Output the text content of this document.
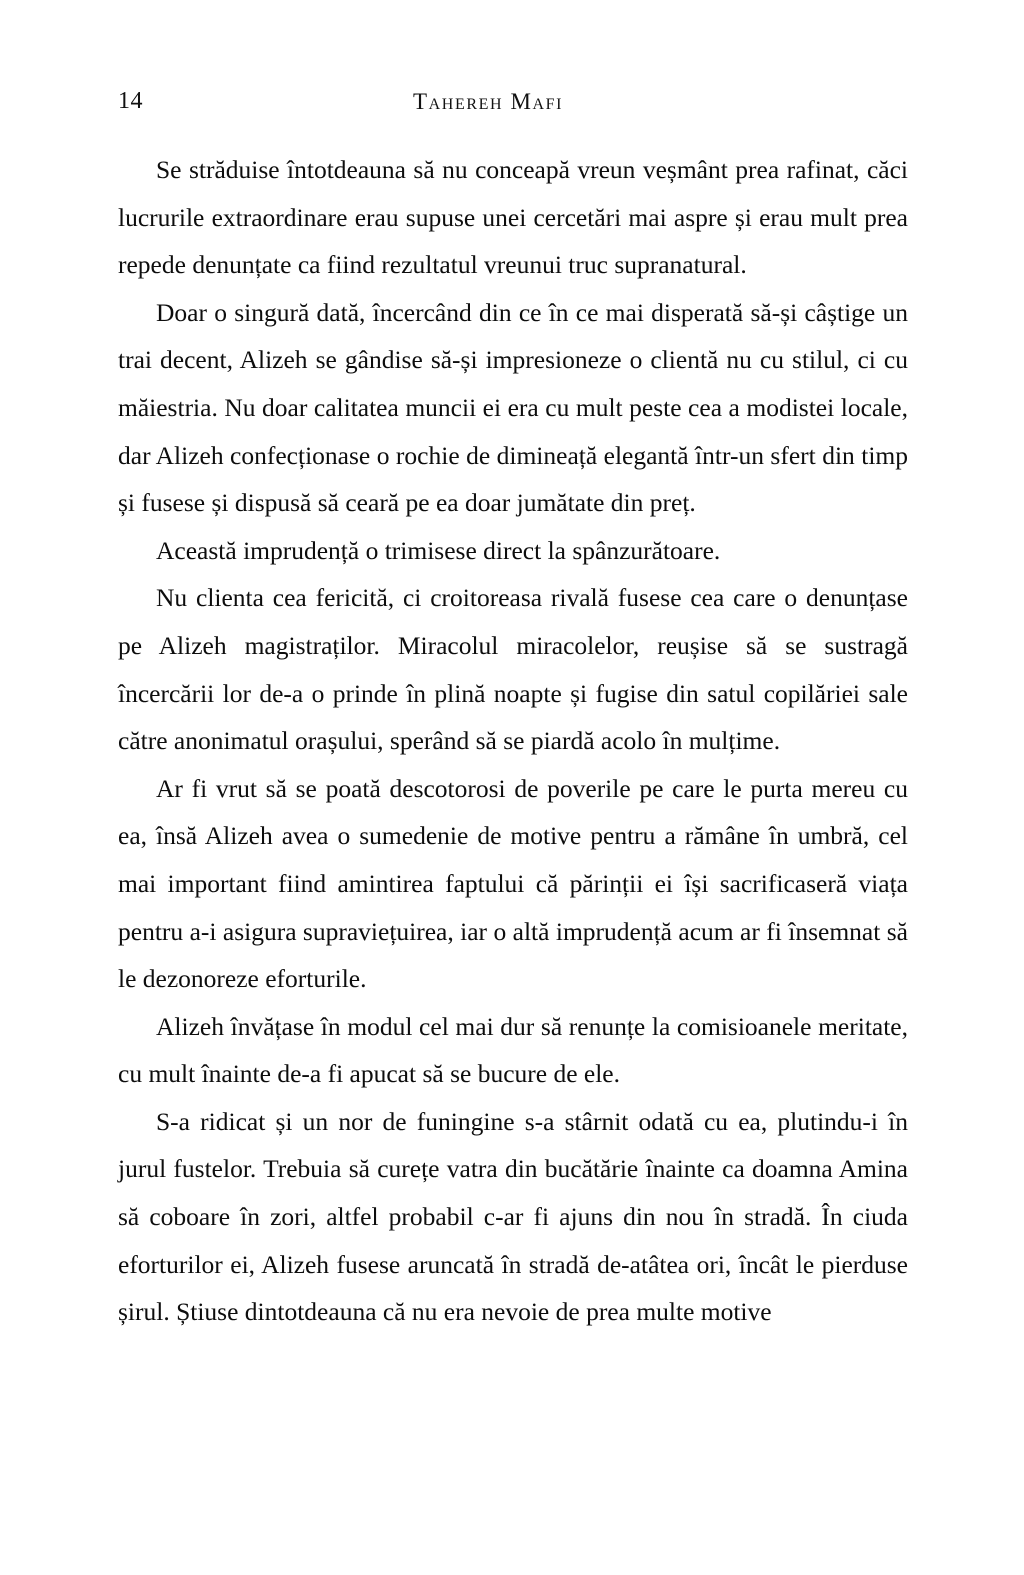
14	Tahereh Mafi

Se străduise întotdeauna să nu conceapă vreun veșmânt prea rafinat, căci lucrurile extraordinare erau supuse unei cercetări mai aspre și erau mult prea repede denunțate ca fiind rezultatul vreunui truc supranatural.

Doar o singură dată, încercând din ce în ce mai disperată să-și câștige un trai decent, Alizeh se gândise să-și impresioneze o clientă nu cu stilul, ci cu măiestria. Nu doar calitatea muncii ei era cu mult peste cea a modistei locale, dar Alizeh confecționase o rochie de dimineață elegantă într-un sfert din timp și fusese și dispusă să ceară pe ea doar jumătate din preț.

Această imprudență o trimisese direct la spânzurătoare.

Nu clienta cea fericită, ci croitoreasa rivală fusese cea care o denunțase pe Alizeh magistraților. Miracolul miracolelor, reușise să se sustragă încercării lor de-a o prinde în plină noapte și fugise din satul copilăriei sale către anonimatul orașului, sperând să se piardă acolo în mulțime.

Ar fi vrut să se poată descotorosi de poverile pe care le purta mereu cu ea, însă Alizeh avea o sumedenie de motive pentru a rămâne în umbră, cel mai important fiind amintirea faptului că părinții ei își sacrificaseră viața pentru a-i asigura supraviețuirea, iar o altă imprudență acum ar fi însemnat să le dezonoreze eforturile.

Alizeh învățase în modul cel mai dur să renunțe la comisioanele meritate, cu mult înainte de-a fi apucat să se bucure de ele.

S-a ridicat și un nor de funingine s-a stârnit odată cu ea, plutindu-i în jurul fustelor. Trebuia să curețe vatra din bucătărie înainte ca doamna Amina să coboare în zori, altfel probabil c-ar fi ajuns din nou în stradă. În ciuda eforturilor ei, Alizeh fusese aruncată în stradă de-atâtea ori, încât le pierduse șirul. Știuse dintotdeauna că nu era nevoie de prea multe motive
